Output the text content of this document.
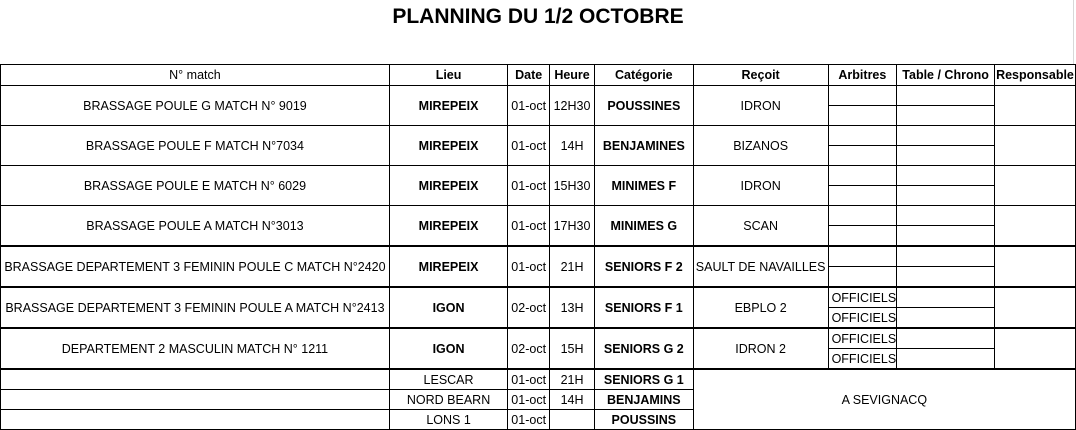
PLANNING DU 1/2 OCTOBRE
N° match	Lieu	Date	Heure	Catégorie	Reçoit	Arbitres	Table / Chrono	Responsable
BRASSAGE POULE G MATCH N° 9019	MIREPEIX	01-oct	12H30	POUSSINES	IDRON			

BRASSAGE POULE F MATCH N°7034	MIREPEIX	01-oct	14H	BENJAMINES	BIZANOS			

BRASSAGE POULE E MATCH N° 6029	MIREPEIX	01-oct	15H30	MINIMES F	IDRON			

BRASSAGE POULE A MATCH N°3013	MIREPEIX	01-oct	17H30	MINIMES G	SCAN			

BRASSAGE DEPARTEMENT 3 FEMININ POULE C MATCH N°2420	MIREPEIX	01-oct	21H	SENIORS F 2	SAULT DE NAVAILLES			

BRASSAGE DEPARTEMENT 3 FEMININ POULE A MATCH N°2413	IGON	02-oct	13H	SENIORS F 1	EBPLO 2	OFFICIELS		
						OFFICIELS		
DEPARTEMENT 2 MASCULIN MATCH N° 1211	IGON	02-oct	15H	SENIORS G 2	IDRON 2	OFFICIELS		
						OFFICIELS		
	LESCAR	01-oct	21H	SENIORS G 1	A SEVIGNACQ			
	NORD BEARN	01-oct	14H	BENJAMINS				
	LONS 1	01-oct		POUSSINS				
